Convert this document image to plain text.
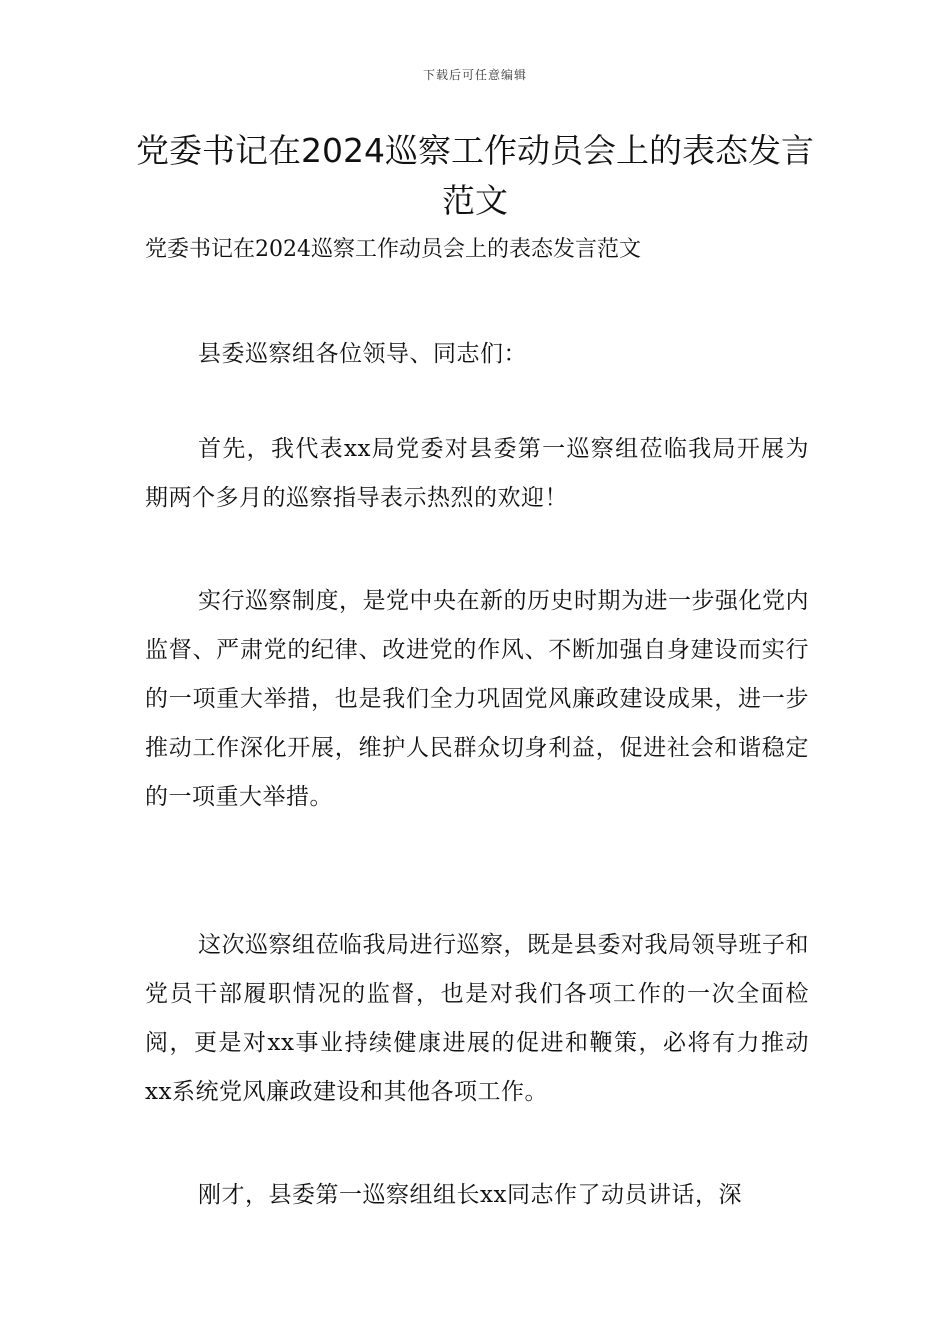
下载后可任意编辑
党委书记在2024巡察工作动员会上的表态发言范文
党委书记在2024巡察工作动员会上的表态发言范文

县委巡察组各位领导、同志们：

首先，我代表xx局党委对县委第一巡察组莅临我局开展为期两个多月的巡察指导表示热烈的欢迎！

实行巡察制度，是党中央在新的历史时期为进一步强化党内监督、严肃党的纪律、改进党的作风、不断加强自身建设而实行的一项重大举措，也是我们全力巩固党风廉政建设成果，进一步推动工作深化开展，维护人民群众切身利益，促进社会和谐稳定的一项重大举措。

这次巡察组莅临我局进行巡察，既是县委对我局领导班子和党员干部履职情况的监督，也是对我们各项工作的一次全面检阅，更是对xx事业持续健康进展的促进和鞭策，必将有力推动xx系统党风廉政建设和其他各项工作。

刚才，县委第一巡察组组长xx同志作了动员讲话，深
